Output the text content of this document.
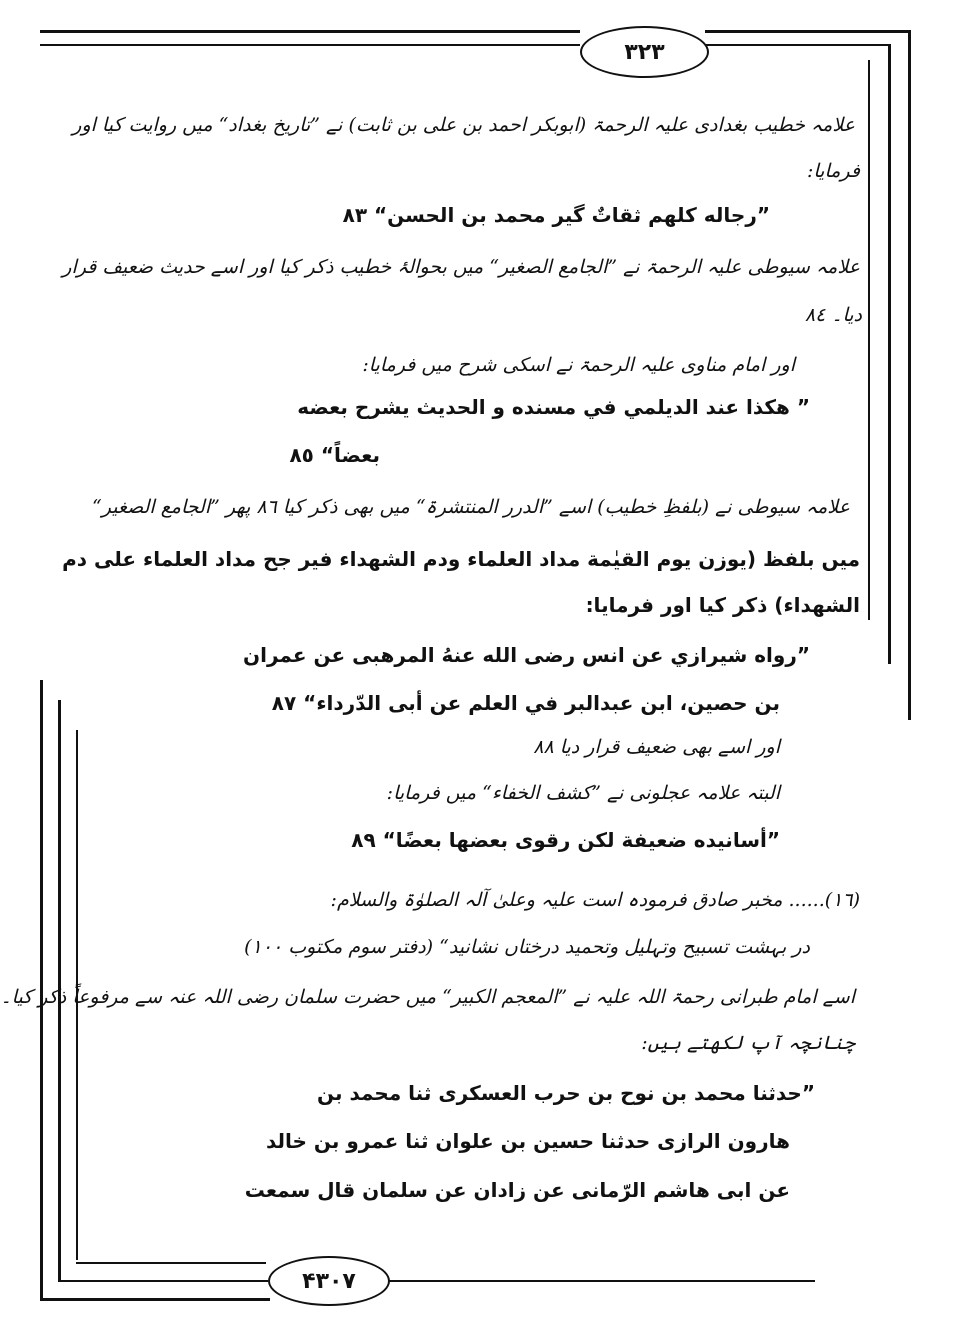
۳۲۳
۴۳۰۷
علامہ خطیب بغدادی علیہ الرحمۃ (ابوبکر احمد بن علی بن ثابت) نے ”تاریخ بغداد“ میں روایت کیا اور
فرمایا:
”رجاله كلهم ثقاتٌ گير محمد بن الحسن“ ٨٣
علامہ سیوطی علیہ الرحمۃ نے ”الجامع الصغیر“ میں بحوالۂ خطیب ذکر کیا اور اسے حدیث ضعیف قرار
دیا۔ ٨٤
اور امام مناوی علیہ الرحمۃ نے اسکی شرح میں فرمایا:
” هكذا عند الديلمي في مسنده و الحديث يشرح بعضه
بعضاً“ ٨٥
علامہ سیوطی نے (بلفظِ خطیب) اسے ”الدرر المنتشرۃ“ میں بھی ذکر کیا ٨٦ پھر ”الجامع الصغیر“
میں بلفظ (يوزن يوم القيٰمة مداد العلماء ودم الشهداء فير جح مداد العلماء على دم
الشهداء) ذکر کیا اور فرمایا:
”رواه شيرازي عن انس رضى الله عنهُ المرهبى عن عمران
بن حصين، ابن عبدالبر في العلم عن أبى الدّرداء“ ٨٧
اور اسے بھی ضعیف قرار دیا ٨٨
البتہ علامہ عجلونی نے ”كشف الخفاء“ میں فرمایا:
”أسانيده ضعيفة لكن رقوى بعضها بعضًا“ ٨٩
(١٦)...... مخبر صادق فرمودہ است علیہ وعلیٰ آلہ الصلوٰۃ والسلام:
در بہشت تسبیح وتہلیل وتحمید درختاں نشانید“ (دفتر سوم مکتوب ١٠٠)
اسے امام طبرانی رحمۃ اللہ علیہ نے ”المعجم الکبیر“ میں حضرت سلمان رضی اللہ عنہ سے مرفوعاً ذکر کیا۔
چنانچہ آپ لکھتے ہیں:
”حدثنا محمد بن نوح بن حرب العسكرى ثنا محمد بن
هارون الرازى حدثنا حسين بن علوان ثنا عمرو بن خالد
عن ابى هاشم الرّمانى عن زادان عن سلمان قال سمعت
